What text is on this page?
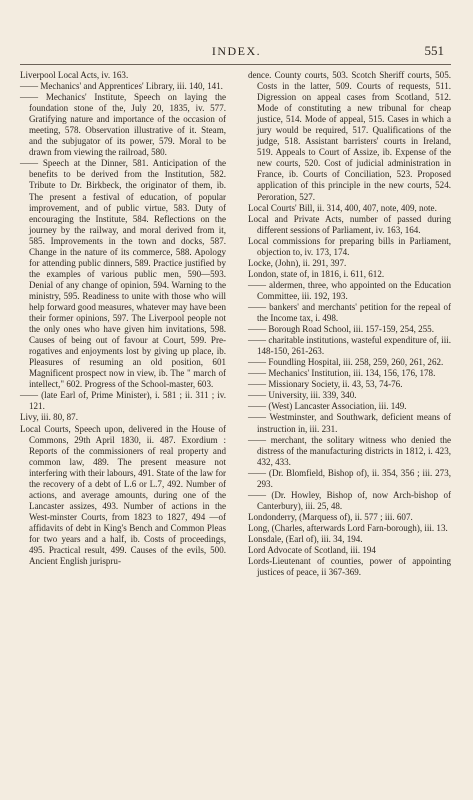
INDEX.	551

Liverpool Local Acts, iv. 163.

—— Mechanics' and Apprentices' Library, iii. 140, 141.

—— Mechanics' Institute, Speech on laying the foundation stone of the, July 20, 1835, iv. 577. Gratifying nature and importance of the occasion of meeting, 578. Observation illustrative of it. Steam, and the subjugator of its power, 579. Moral to be drawn from viewing the railroad, 580.

—— Speech at the Dinner, 581. Anticipation of the benefits to be derived from the Institution, 582. Tribute to Dr. Birkbeck, the originator of them, ib. The present a festival of education, of popular improvement, and of public virtue, 583. Duty of encouraging the Institute, 584. Reflections on the journey by the railway, and moral derived from it, 585. Improvements in the town and docks, 587. Change in the nature of its commerce, 588. Apology for attending public dinners, 589. Practice justified by the examples of various public men, 590—593. Denial of any change of opinion, 594. Warning to the ministry, 595. Readiness to unite with those who will help forward good measures, whatever may have been their former opinions, 597. The Liverpool people not the only ones who have given him invitations, 598. Causes of being out of favour at Court, 599. Pre-rogatives and enjoyments lost by giving up place, ib. Pleasures of resuming an old position, 601 Magnificent prospect now in view, ib. The " march of intellect," 602. Progress of the School-master, 603.

—— (late Earl of, Prime Minister), i. 581 ; ii. 311 ; iv. 121.

Livy, iii. 80, 87.

Local Courts, Speech upon, delivered in the House of Commons, 29th April 1830, ii. 487. Exordium : Reports of the commissioners of real property and common law, 489. The present measure not interfering with their labours, 491. State of the law for the recovery of a debt of L.6 or L.7, 492. Number of actions, and average amounts, during one of the Lancaster assizes, 493. Number of actions in the West-minster Courts, from 1823 to 1827, 494 —of affidavits of debt in King's Bench and Common Pleas for two years and a half, ib. Costs of proceedings, 495. Practical result, 499. Causes of the evils, 500. Ancient English jurispru-

dence. County courts, 503. Scotch Sheriff courts, 505. Costs in the latter, 509. Courts of requests, 511. Digression on appeal cases from Scotland, 512. Mode of constituting a new tribunal for cheap justice, 514. Mode of appeal, 515. Cases in which a jury would be required, 517. Qualifications of the judge, 518. Assistant barristers' courts in Ireland, 519. Appeals to Court of Assize, ib. Expense of the new courts, 520. Cost of judicial administration in France, ib. Courts of Conciliation, 523. Proposed application of this principle in the new courts, 524. Peroration, 527.

Local Courts' Bill, ii. 314, 400, 407, note, 409, note.

Local and Private Acts, number of passed during different sessions of Parliament, iv. 163, 164.

Local commissions for preparing bills in Parliament, objection to, iv. 173, 174.

Locke, (John), ii. 291, 397.

London, state of, in 1816, i. 611, 612.

—— aldermen, three, who appointed on the Education Committee, iii. 192, 193.

—— bankers' and merchants' petition for the repeal of the Income tax, i. 498.

—— Borough Road School, iii. 157-159, 254, 255.

—— charitable institutions, wasteful expenditure of, iii. 148-150, 261-263.

—— Foundling Hospital, iii. 258, 259, 260, 261, 262.

—— Mechanics' Institution, iii. 134, 156, 176, 178.

—— Missionary Society, ii. 43, 53, 74-76.

—— University, iii. 339, 340.

—— (West) Lancaster Association, iii. 149.

—— Westminster, and Southwark, deficient means of instruction in, iii. 231.

—— merchant, the solitary witness who denied the distress of the manufacturing districts in 1812, i. 423, 432, 433.

—— (Dr. Blomfield, Bishop of), ii. 354, 356 ; iii. 273, 293.

—— (Dr. Howley, Bishop of, now Arch-bishop of Canterbury), iii. 25, 48.

Londonderry, (Marquess of), ii. 577 ; iii. 607.

Long, (Charles, afterwards Lord Farn-borough), iii. 13.

Lonsdale, (Earl of), iii. 34, 194.

Lord Advocate of Scotland, iii. 194

Lords-Lieutenant of counties, power of appointing justices of peace, ii 367-369.
